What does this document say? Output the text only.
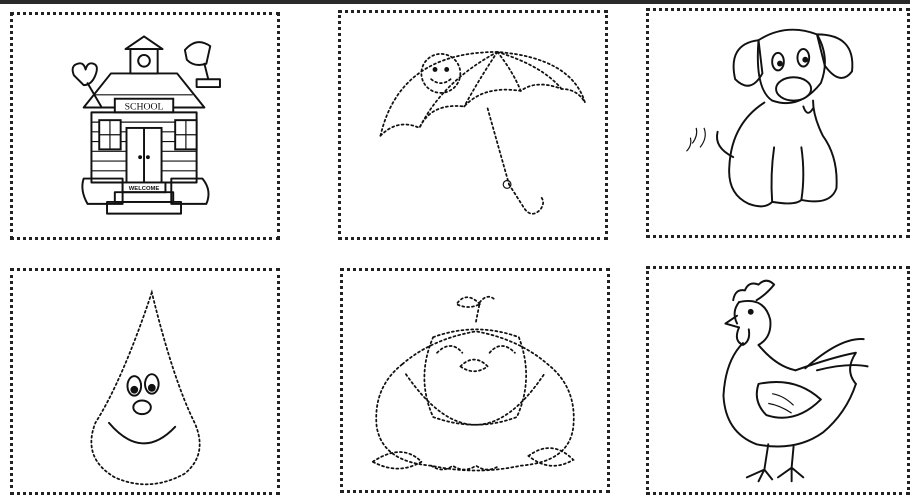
SCHOOL
WELCOME
